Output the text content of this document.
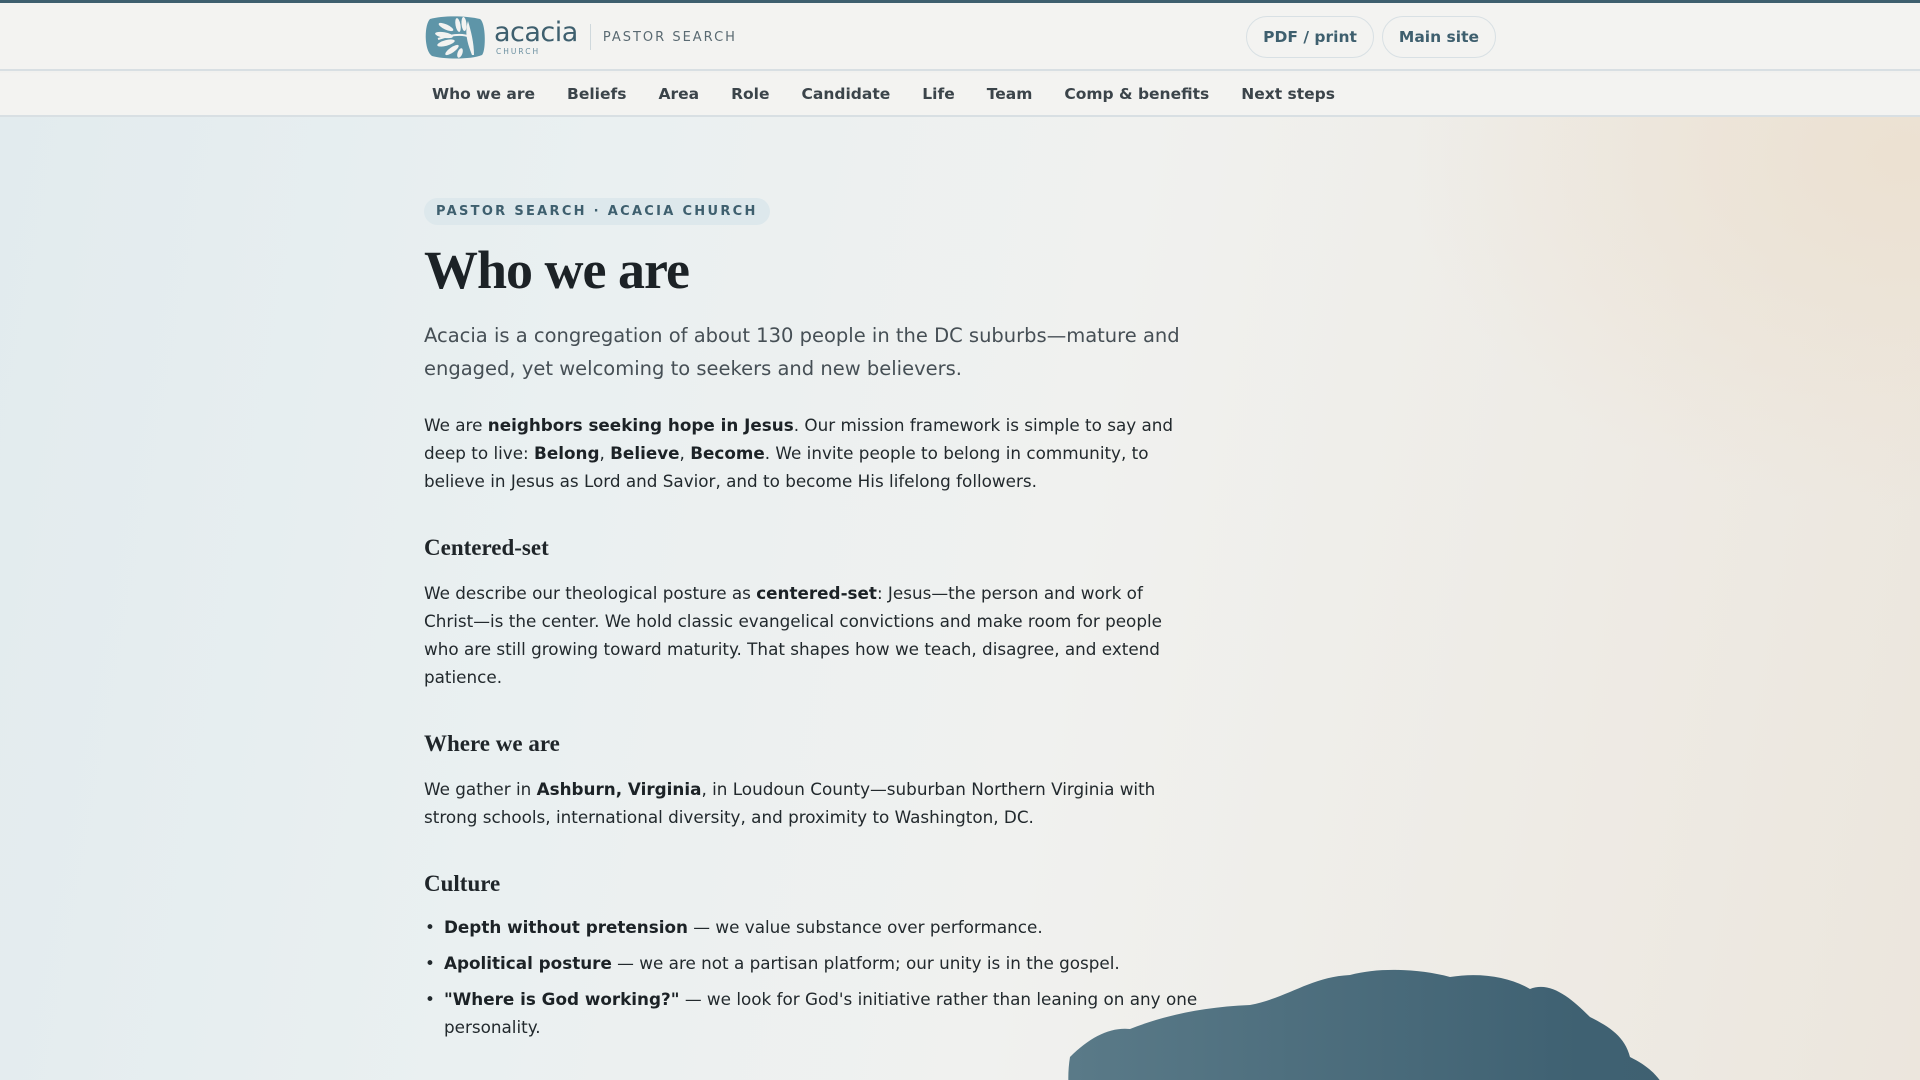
acacia
CHURCH
PASTOR SEARCH	PDF / print	Main site
Who we are	Beliefs	Area	Role	Candidate	Life	Team	Comp & benefits	Next steps
PASTOR SEARCH · ACACIA CHURCH
Who we are

Acacia is a congregation of about 130 people in the DC suburbs—mature and engaged, yet welcoming to seekers and new believers.

We are neighbors seeking hope in Jesus. Our mission framework is simple to say and deep to live: Belong, Believe, Become. We invite people to belong in community, to believe in Jesus as Lord and Savior, and to become His lifelong followers.

Centered-set

We describe our theological posture as centered-set: Jesus—the person and work of Christ—is the center. We hold classic evangelical convictions and make room for people who are still growing toward maturity. That shapes how we teach, disagree, and extend patience.

Where we are

We gather in Ashburn, Virginia, in Loudoun County—suburban Northern Virginia with strong schools, international diversity, and proximity to Washington, DC.

Culture
• Depth without pretension — we value substance over performance.
• Apolitical posture — we are not a partisan platform; our unity is in the gospel.
• "Where is God working?" — we look for God's initiative rather than leaning on any one personality.
